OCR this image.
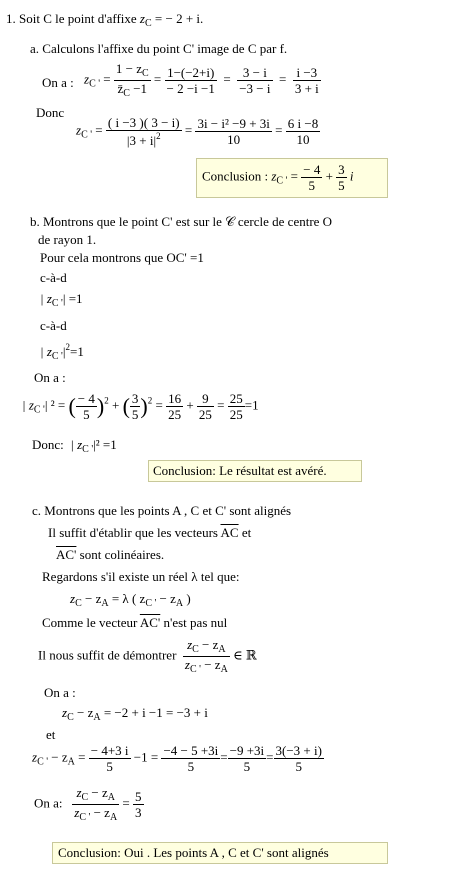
1. Soit C le point d'affixe $z_C$ = − 2 + i.
a. Calculons l'affixe du point C' image de C par f.
On a : $z_{C '} = \frac{1 - z_C}{z̄_C -1} = \frac{1-(-2+i)}{- 2 -i -1} = \frac{3 - i}{-3 - i} = \frac{i -3}{3 + i}$
Donc
$z_{C '} = \frac{( i -3 )( 3 - i)}{|3 + i|^2} = \frac{\text{3i − i² −9 + 3i}}{10} = \frac{6 i -8}{10}$
Conclusion : $z_{C '} = \frac{- 4}{5} + \frac{3}{5}$ i
b. Montrons que le point C' est sur le 𝒞 cercle de centre O
de rayon 1.
Pour cela montrons que OC' =1
c-à-d
| $z_{C '}| =1$
c-à-d
| $z_{C '}|^2=1$
On a :
| $z_{C '}|$ ² = ( $\frac{- 4}{5} )^2$ + ( $\frac{3}{5} )^2 = \frac{16}{25} + \frac{9}{25} = \frac{25}{25} =1$
Donc: | $z_{C '}|^2 =1$
Conclusion: Le résultat est avéré.
c. Montrons que les points A , C et C' sont alignés
Il suffit d'établir que les vecteurs $\overline{AC}$ et
AC' sont colinéaires.
Regardons s'il existe un réel λ tel que:
$z_C - z_A = \lambda$ ( $z_{C '} - z_A$ )
Comme le vecteur AC' n'est pas nul
Il nous suffit de démontrer $\frac{z_C - z_A}{z_{C '} - z_A}$ ∈ ℝ
On a :
$z_C - z_A = -2 + i -1 = -3 + i$
et
$z_{C '} - z_A = \frac{- 4+3 i}{5} -1 = \frac{-4 - 5 +3i}{5} = \frac{-9 +3i}{5} = \frac{3(-3 + i)}{5}$
On a: $\frac{z_C - z_A}{z_{C '} - z_A} = \frac{5}{3}$
Conclusion: Oui . Les points A , C et C' sont alignés
